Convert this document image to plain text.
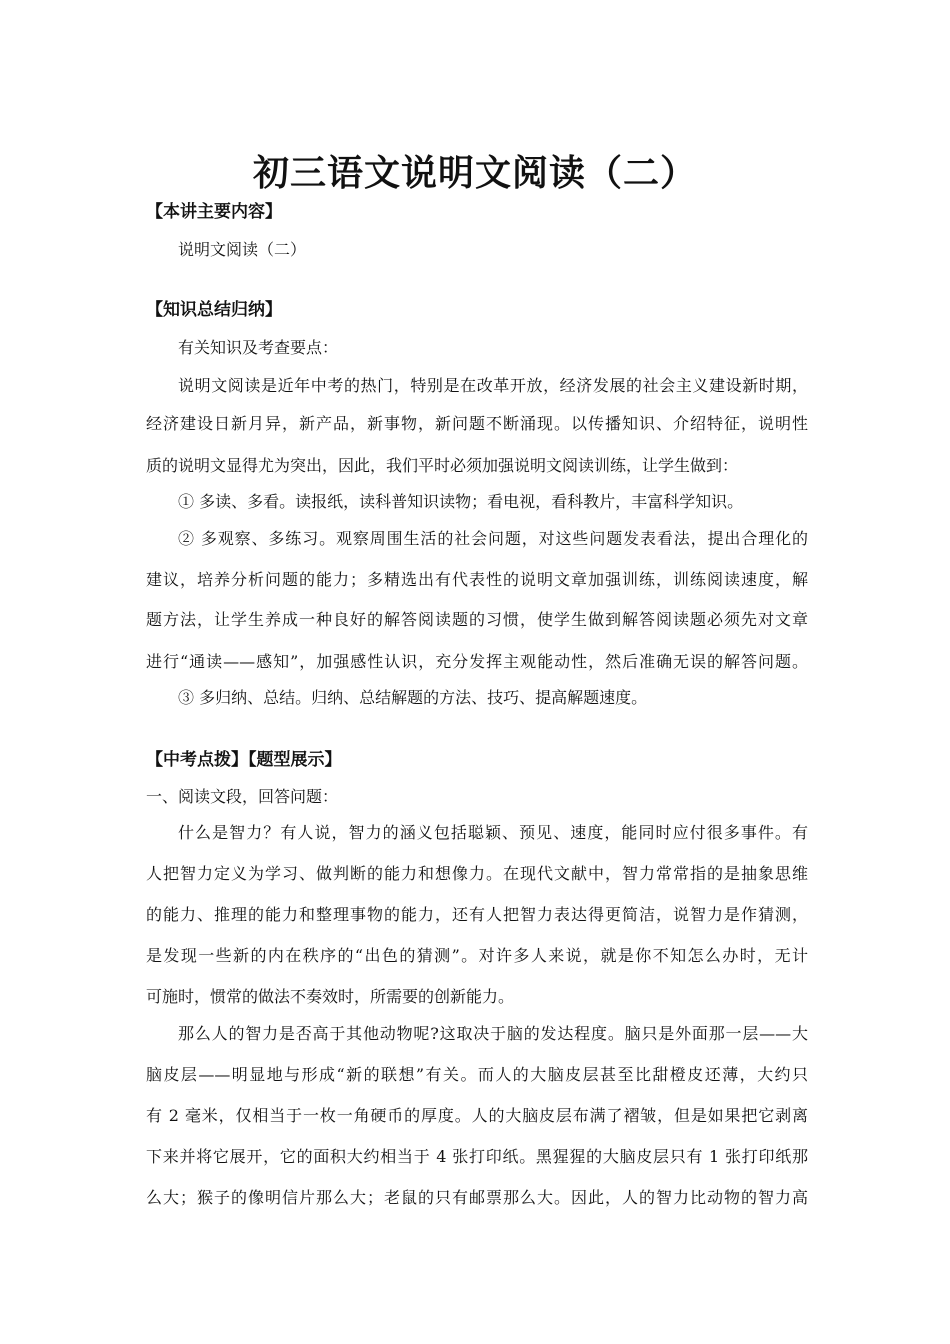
初三语文说明文阅读（二）
【本讲主要内容】
说明文阅读（二）
【知识总结归纳】
有关知识及考查要点：
说明文阅读是近年中考的热门，特别是在改革开放，经济发展的社会主义建设新时期，
经济建设日新月异，新产品，新事物，新问题不断涌现。以传播知识、介绍特征，说明性
质的说明文显得尤为突出，因此，我们平时必须加强说明文阅读训练，让学生做到：
① 多读、多看。读报纸，读科普知识读物；看电视，看科教片，丰富科学知识。
② 多观察、多练习。观察周围生活的社会问题，对这些问题发表看法，提出合理化的
建议，培养分析问题的能力；多精选出有代表性的说明文章加强训练，训练阅读速度，解
题方法，让学生养成一种良好的解答阅读题的习惯，使学生做到解答阅读题必须先对文章
进行“通读——感知”，加强感性认识，充分发挥主观能动性，然后准确无误的解答问题。
③ 多归纳、总结。归纳、总结解题的方法、技巧、提高解题速度。
【中考点拨】【题型展示】
一、阅读文段，回答问题：
什么是智力？有人说，智力的涵义包括聪颖、预见、速度，能同时应付很多事件。有
人把智力定义为学习、做判断的能力和想像力。在现代文献中，智力常常指的是抽象思维
的能力、推理的能力和整理事物的能力，还有人把智力表达得更简洁，说智力是作猜测，
是发现一些新的内在秩序的“出色的猜测”。对许多人来说，就是你不知怎么办时，无计
可施时，惯常的做法不奏效时，所需要的创新能力。
那么人的智力是否高于其他动物呢?这取决于脑的发达程度。脑只是外面那一层——大
脑皮层——明显地与形成“新的联想”有关。而人的大脑皮层甚至比甜橙皮还薄，大约只
有 2 毫米，仅相当于一枚一角硬币的厚度。人的大脑皮层布满了褶皱，但是如果把它剥离
下来并将它展开，它的面积大约相当于 4 张打印纸。黑猩猩的大脑皮层只有 1 张打印纸那
么大；猴子的像明信片那么大；老鼠的只有邮票那么大。因此，人的智力比动物的智力高
